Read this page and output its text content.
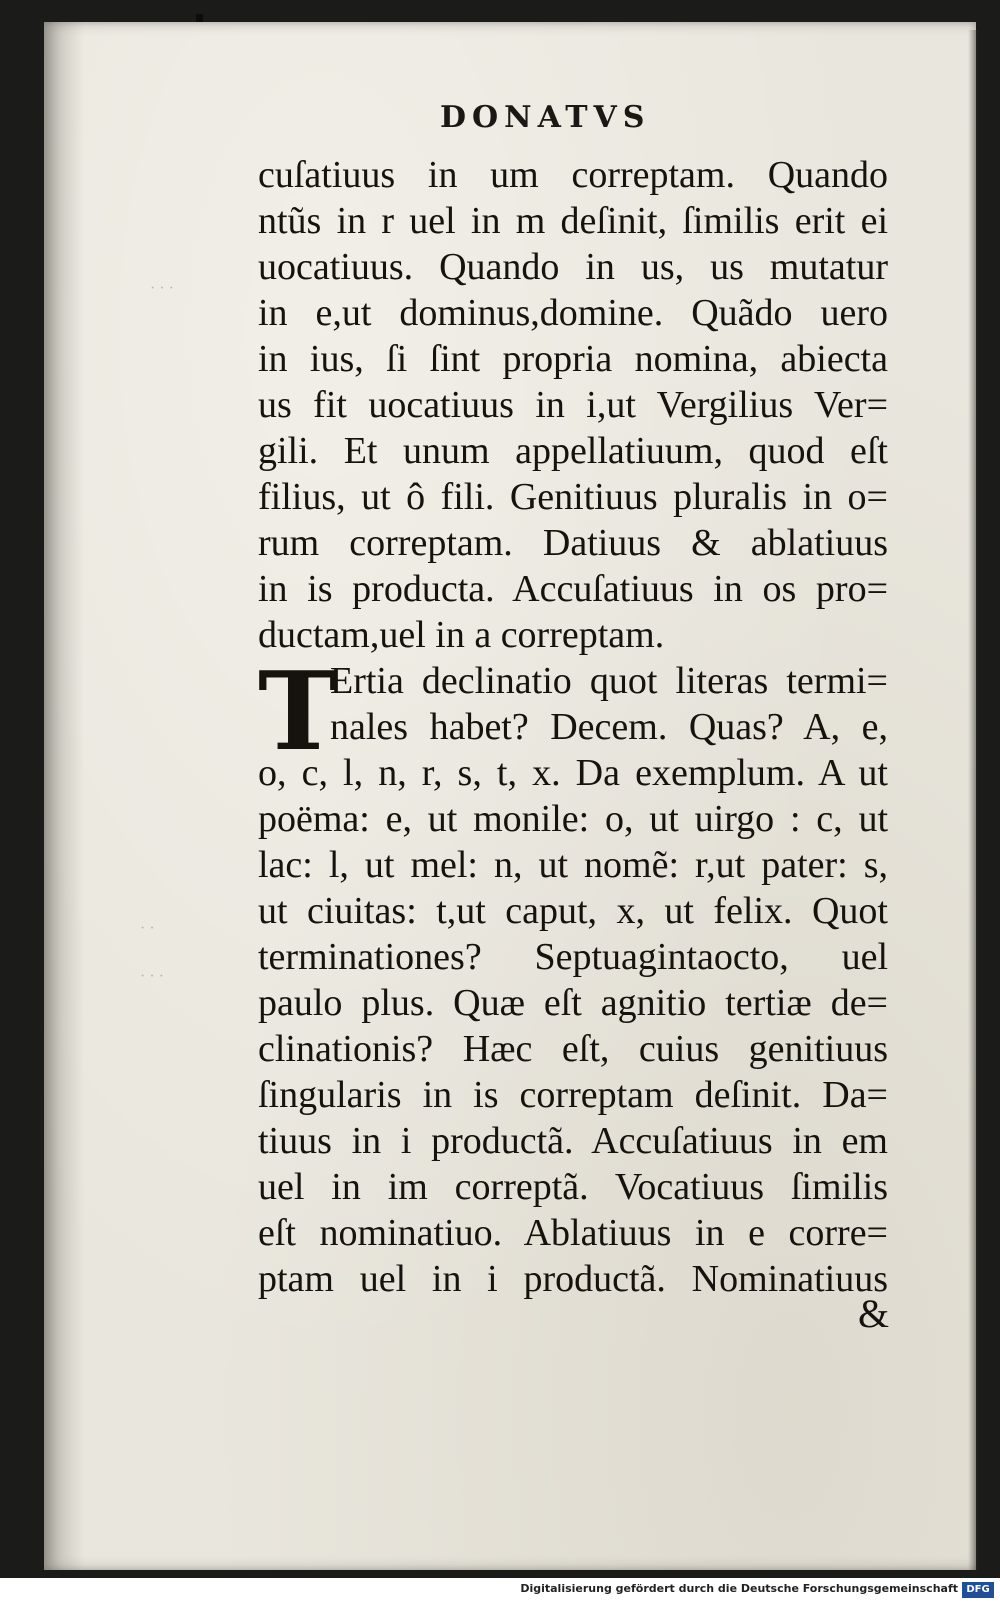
· · ·
· ·
· · ·
DONATVS
cuſatiuus in um correptam. Quando
ntũs in r uel in m deſinit, ſimilis erit ei
uocatiuus. Quando in us, us mutatur
in e,ut dominus,domine. Quãdo uero
in ius, ſi ſint propria nomina, abiecta
us fit uocatiuus in i,ut Vergilius Ver=
gili. Et unum appellatiuum, quod eſt
filius, ut ô fili. Genitiuus pluralis in o=
rum correptam. Datiuus & ablatiuus
in is producta. Accuſatiuus in os pro=
ductam,uel in a correptam.
Ertia declinatio quot literas termi=
nales habet? Decem. Quas? A, e,
o, c, l, n, r, s, t, x. Da exemplum. A ut
poëma: e, ut monile: o, ut uirgo : c, ut
lac: l, ut mel: n, ut nomẽ: r,ut pater: s,
ut ciuitas: t,ut caput, x, ut felix. Quot
terminationes? Septuagintaocto, uel
paulo plus. Quæ eſt agnitio tertiæ de=
clinationis? Hæc eſt, cuius genitiuus
ſingularis in is correptam deſinit. Da=
tiuus in i productã. Accuſatiuus in em
uel in im correptã. Vocatiuus ſimilis
eſt nominatiuo. Ablatiuus in e corre=
ptam uel in i productã. Nominatiuus
T
&
Digitalisierung gefördert durch die Deutsche Forschungsgemeinschaft DFG
